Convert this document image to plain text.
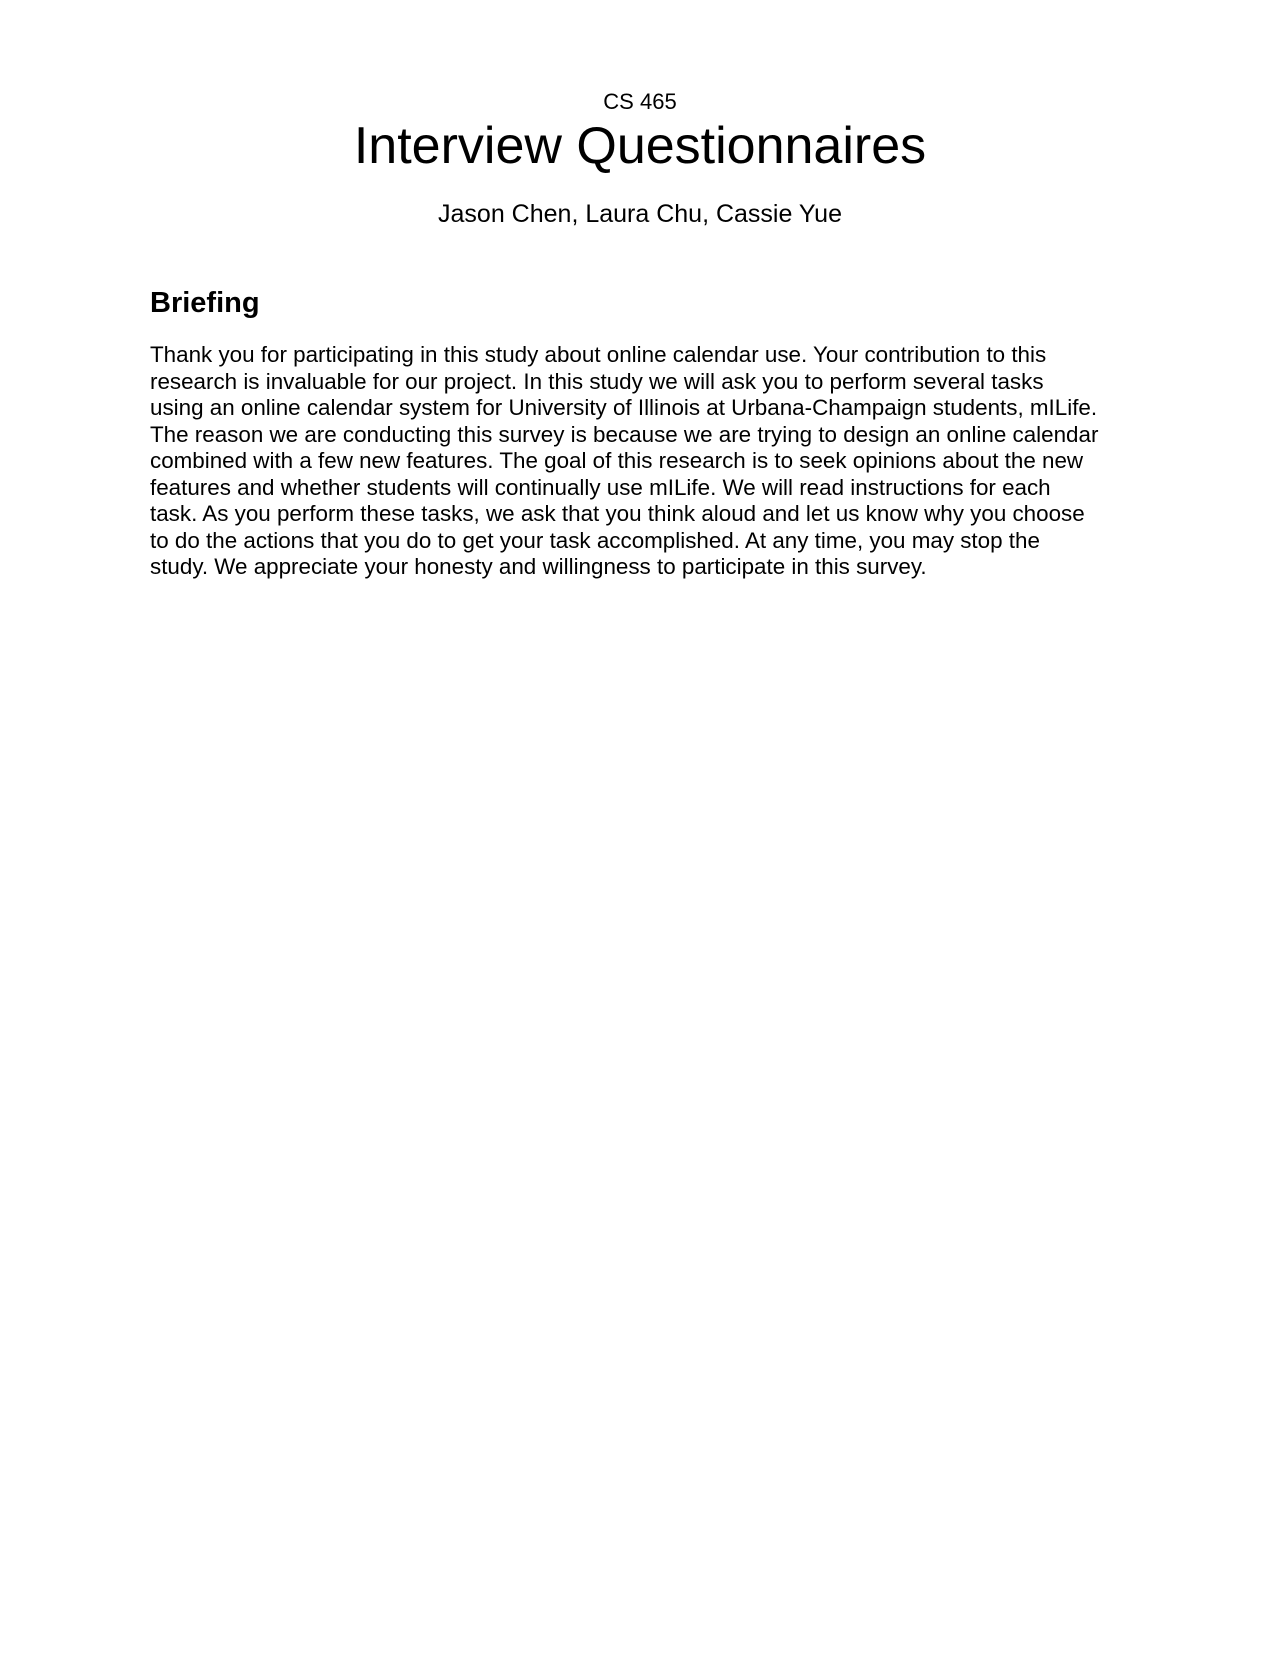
CS 465

Interview Questionnaires

Jason Chen, Laura Chu, Cassie Yue

Briefing

Thank you for participating in this study about online calendar use. Your contribution to this
research is invaluable for our project. In this study we will ask you to perform several tasks
using an online calendar system for University of Illinois at Urbana-Champaign students, mILife.
The reason we are conducting this survey is because we are trying to design an online calendar
combined with a few new features. The goal of this research is to seek opinions about the new
features and whether students will continually use mILife. We will read instructions for each
task. As you perform these tasks, we ask that you think aloud and let us know why you choose
to do the actions that you do to get your task accomplished. At any time, you may stop the
study. We appreciate your honesty and willingness to participate in this survey.
